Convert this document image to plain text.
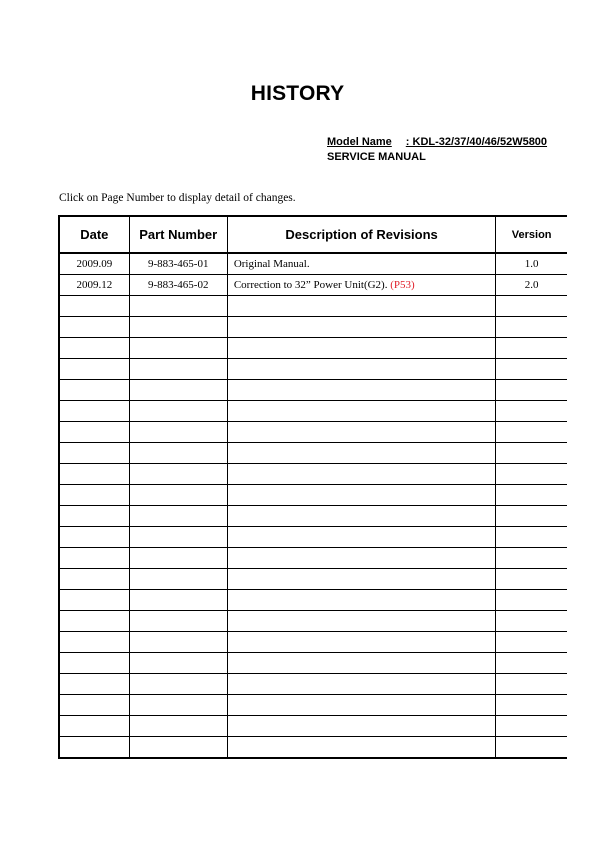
HISTORY
Model Name : KDL-32/37/40/46/52W5800
SERVICE MANUAL
Click on Page Number to display detail of changes.
Date	Part Number	Description of Revisions	Version
2009.09	9-883-465-01	Original Manual.	1.0
2009.12	9-883-465-02	Correction to 32” Power Unit(G2). (P53)	2.0
